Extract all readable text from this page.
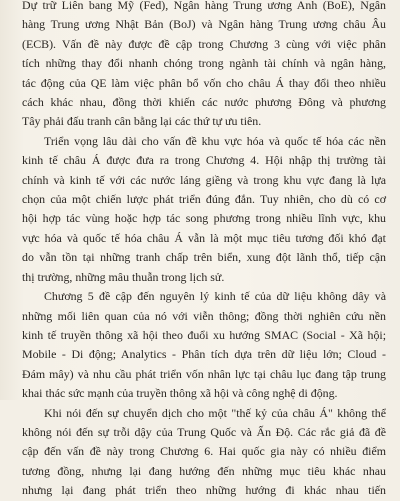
Dự trữ Liên bang Mỹ (Fed), Ngân hàng Trung ương Anh (BoE), Ngân
hàng Trung ương Nhật Bản (BoJ) và Ngân hàng Trung ương châu Âu
(ECB). Vấn đề này được đề cập trong Chương 3 cùng với việc phân
tích những thay đổi nhanh chóng trong ngành tài chính và ngân hàng,
tác động của QE làm việc phân bổ vốn cho châu Á thay đổi theo nhiều
cách khác nhau, đồng thời khiến các nước phương Đông và phương
Tây phải đấu tranh cân bằng lại các thứ tự ưu tiên.

Triển vọng lâu dài cho vấn đề khu vực hóa và quốc tế hóa các nền
kinh tế châu Á được đưa ra trong Chương 4. Hội nhập thị trường tài
chính và kinh tế với các nước láng giềng và trong khu vực đang là lựa
chọn của một chiến lược phát triển đúng đắn. Tuy nhiên, cho dù có cơ
hội hợp tác vùng hoặc hợp tác song phương trong nhiều lĩnh vực, khu
vực hóa và quốc tế hóa châu Á vẫn là một mục tiêu tương đối khó đạt
do vẫn tồn tại những tranh chấp trên biển, xung đột lãnh thổ, tiếp cận
thị trường, những mâu thuẫn trong lịch sử.

Chương 5 đề cập đến nguyên lý kinh tế của dữ liệu không dây và
những mối liên quan của nó với viễn thông; đồng thời nghiên cứu nền
kinh tế truyền thông xã hội theo đuổi xu hướng SMAC (Social - Xã hội;
Mobile - Di động; Analytics - Phân tích dựa trên dữ liệu lớn; Cloud -
Đám mây) và nhu cầu phát triển vốn nhân lực tại châu lục đang tập trung
khai thác sức mạnh của truyền thông xã hội và công nghệ di động.

Khi nói đến sự chuyển dịch cho một "thế kỷ của châu Á" không thể
không nói đến sự trỗi dậy của Trung Quốc và Ấn Độ. Các rắc giả đã đề
cập đến vấn đề này trong Chương 6. Hai quốc gia này có nhiều điểm
tương đồng, nhưng lại đang hướng đến những mục tiêu khác nhau
nhưng lại đang phát triển theo những hướng đi khác nhau tiến
